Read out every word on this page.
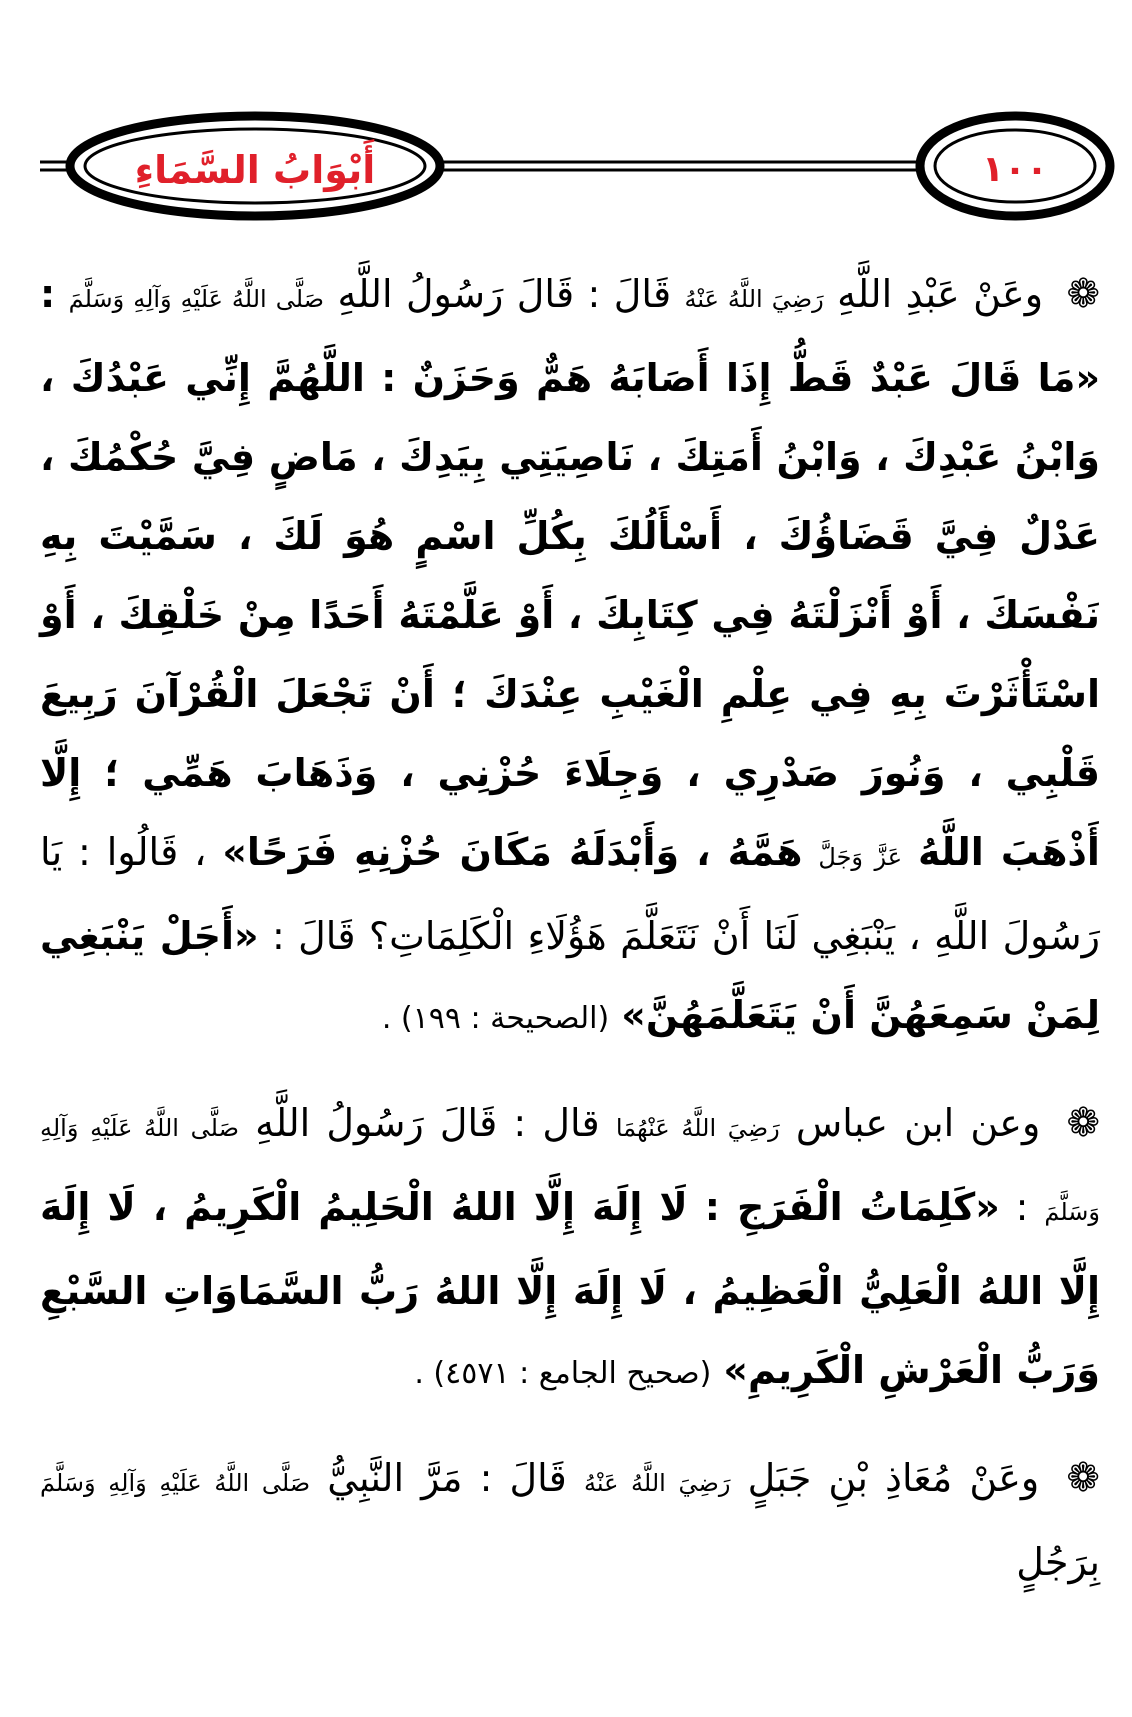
أَبْوَابُ السَّمَاءِ	١٠٠

❁ وعَنْ عَبْدِ اللَّهِ رَضِيَ اللَّهُ عَنْهُ قَالَ : قَالَ رَسُولُ اللَّهِ صَلَّى اللَّهُ عَلَيْهِ وَآلِهِ وَسَلَّمَ : «مَا قَالَ عَبْدٌ قَطُّ إِذَا أَصَابَهُ هَمٌّ وَحَزَنٌ : اللَّهُمَّ إِنِّي عَبْدُكَ ، وَابْنُ عَبْدِكَ ، وَابْنُ أَمَتِكَ ، نَاصِيَتِي بِيَدِكَ ، مَاضٍ فِيَّ حُكْمُكَ ، عَدْلٌ فِيَّ قَضَاؤُكَ ، أَسْأَلُكَ بِكُلِّ اسْمٍ هُوَ لَكَ ، سَمَّيْتَ بِهِ نَفْسَكَ ، أَوْ أَنْزَلْتَهُ فِي كِتَابِكَ ، أَوْ عَلَّمْتَهُ أَحَدًا مِنْ خَلْقِكَ ، أَوْ اسْتَأْثَرْتَ بِهِ فِي عِلْمِ الْغَيْبِ عِنْدَكَ ؛ أَنْ تَجْعَلَ الْقُرْآنَ رَبِيعَ قَلْبِي ، وَنُورَ صَدْرِي ، وَجِلَاءَ حُزْنِي ، وَذَهَابَ هَمِّي ؛ إِلَّا أَذْهَبَ اللَّهُ عَزَّ وَجَلَّ هَمَّهُ ، وَأَبْدَلَهُ مَكَانَ حُزْنِهِ فَرَحًا» ، قَالُوا : يَا رَسُولَ اللَّهِ ، يَنْبَغِي لَنَا أَنْ نَتَعَلَّمَ هَؤُلَاءِ الْكَلِمَاتِ؟ قَالَ : «أَجَلْ يَنْبَغِي لِمَنْ سَمِعَهُنَّ أَنْ يَتَعَلَّمَهُنَّ» (الصحيحة : ١٩٩) .

❁ وعن ابن عباس رَضِيَ اللَّهُ عَنْهُمَا قال : قَالَ رَسُولُ اللَّهِ صَلَّى اللَّهُ عَلَيْهِ وَآلِهِ وَسَلَّمَ : «كَلِمَاتُ الْفَرَجِ : لَا إِلَهَ إِلَّا اللهُ الْحَلِيمُ الْكَرِيمُ ، لَا إِلَهَ إِلَّا اللهُ الْعَلِيُّ الْعَظِيمُ ، لَا إِلَهَ إِلَّا اللهُ رَبُّ السَّمَاوَاتِ السَّبْعِ وَرَبُّ الْعَرْشِ الْكَرِيمِ» (صحيح الجامع : ٤٥٧١) .

❁ وعَنْ مُعَاذِ بْنِ جَبَلٍ رَضِيَ اللَّهُ عَنْهُ قَالَ : مَرَّ النَّبِيُّ صَلَّى اللَّهُ عَلَيْهِ وَآلِهِ وَسَلَّمَ بِرَجُلٍ
